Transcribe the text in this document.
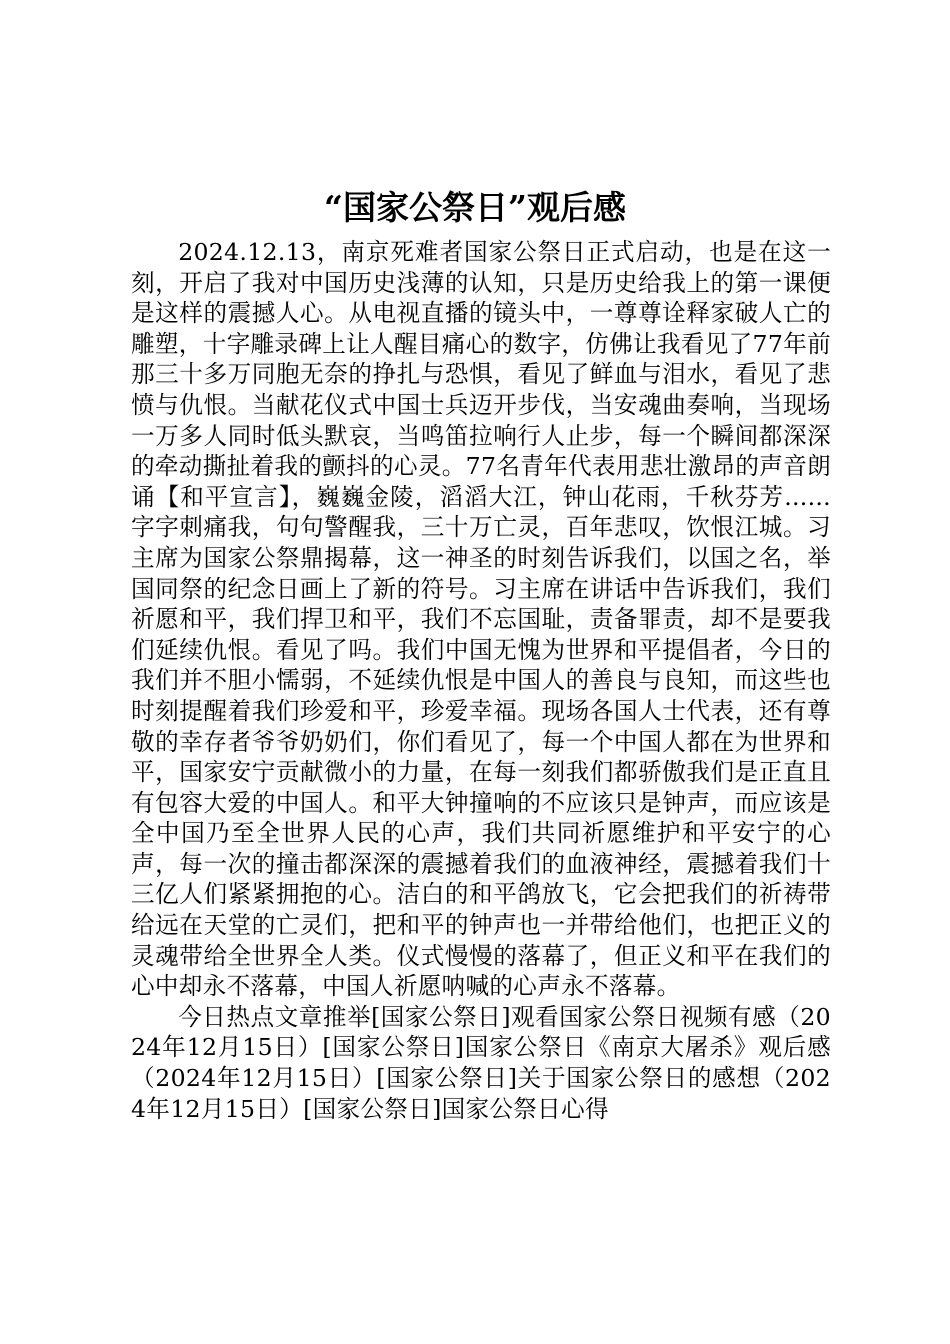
“国家公祭日”观后感

2024.12.13，南京死难者国家公祭日正式启动，也是在这一刻，开启了我对中国历史浅薄的认知，只是历史给我上的第一课便是这样的震撼人心。从电视直播的镜头中，一尊尊诠释家破人亡的雕塑，十字雕录碑上让人醒目痛心的数字，仿佛让我看见了77年前那三十多万同胞无奈的挣扎与恐惧，看见了鲜血与泪水，看见了悲愤与仇恨。当献花仪式中国士兵迈开步伐，当安魂曲奏响，当现场一万多人同时低头默哀，当鸣笛拉响行人止步，每一个瞬间都深深的牵动撕扯着我的颤抖的心灵。77名青年代表用悲壮激昂的声音朗诵【和平宣言】，巍巍金陵，滔滔大江，钟山花雨，千秋芬芳......字字刺痛我，句句警醒我，三十万亡灵，百年悲叹，饮恨江城。习主席为国家公祭鼎揭幕，这一神圣的时刻告诉我们，以国之名，举国同祭的纪念日画上了新的符号。习主席在讲话中告诉我们，我们祈愿和平，我们捍卫和平，我们不忘国耻，责备罪责，却不是要我们延续仇恨。看见了吗。我们中国无愧为世界和平提倡者，今日的我们并不胆小懦弱，不延续仇恨是中国人的善良与良知，而这些也时刻提醒着我们珍爱和平，珍爱幸福。现场各国人士代表，还有尊敬的幸存者爷爷奶奶们，你们看见了，每一个中国人都在为世界和平，国家安宁贡献微小的力量，在每一刻我们都骄傲我们是正直且有包容大爱的中国人。和平大钟撞响的不应该只是钟声，而应该是全中国乃至全世界人民的心声，我们共同祈愿维护和平安宁的心声，每一次的撞击都深深的震撼着我们的血液神经，震撼着我们十三亿人们紧紧拥抱的心。洁白的和平鸽放飞，它会把我们的祈祷带给远在天堂的亡灵们，把和平的钟声也一并带给他们，也把正义的灵魂带给全世界全人类。仪式慢慢的落幕了，但正义和平在我们的心中却永不落幕，中国人祈愿呐喊的心声永不落幕。

今日热点文章推举[国家公祭日]观看国家公祭日视频有感（2024年12月15日）[国家公祭日]国家公祭日《南京大屠杀》观后感（2024年12月15日）[国家公祭日]关于国家公祭日的感想（2024年12月15日）[国家公祭日]国家公祭日心得
